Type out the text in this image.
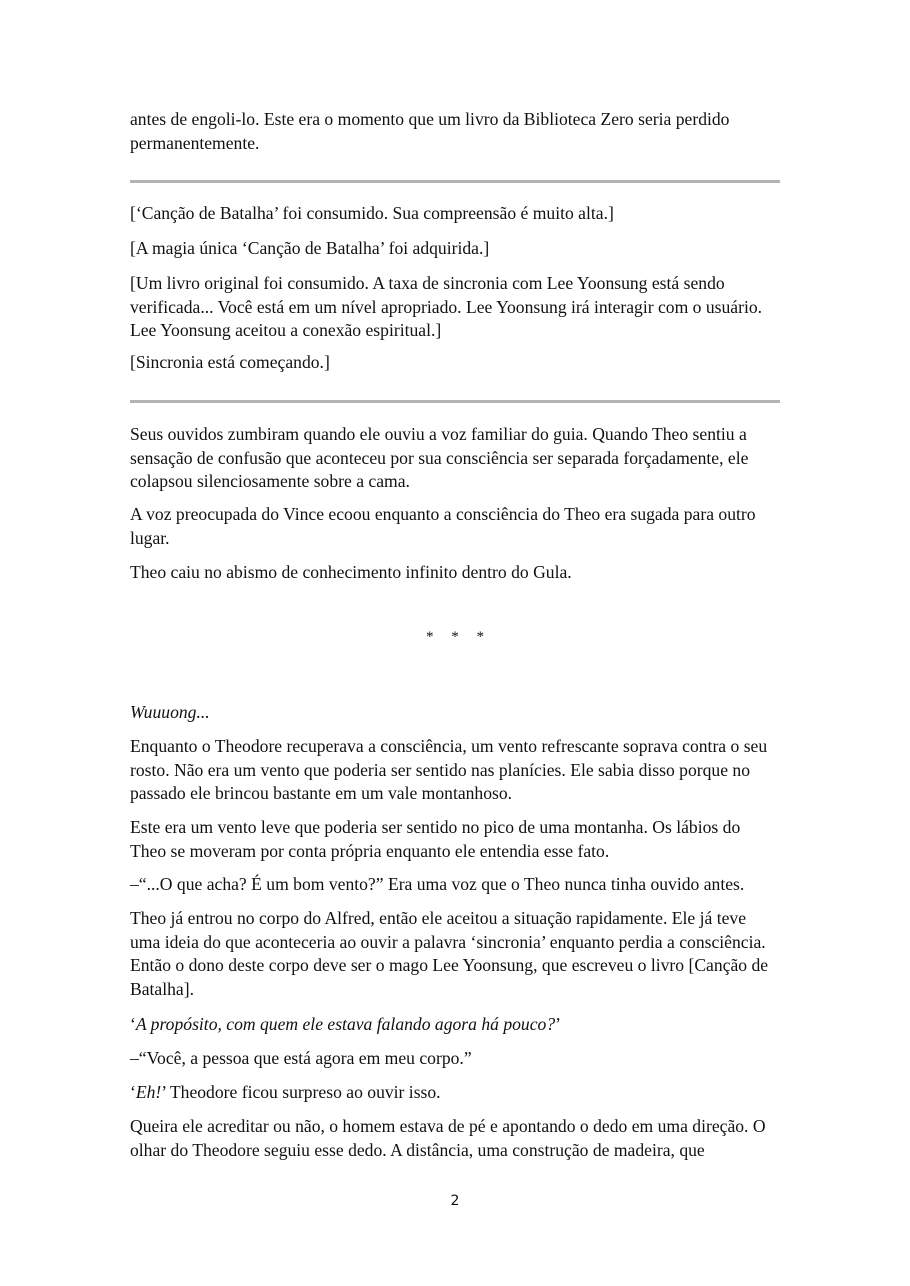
antes de engoli-lo. Este era o momento que um livro da Biblioteca Zero seria perdido permanentemente.

[‘Canção de Batalha’ foi consumido. Sua compreensão é muito alta.]

[A magia única ‘Canção de Batalha’ foi adquirida.]

[Um livro original foi consumido. A taxa de sincronia com Lee Yoonsung está sendo verificada... Você está em um nível apropriado. Lee Yoonsung irá interagir com o usuário. Lee Yoonsung aceitou a conexão espiritual.]

[Sincronia está começando.]

Seus ouvidos zumbiram quando ele ouviu a voz familiar do guia. Quando Theo sentiu a sensação de confusão que aconteceu por sua consciência ser separada forçadamente, ele colapsou silenciosamente sobre a cama.

A voz preocupada do Vince ecoou enquanto a consciência do Theo era sugada para outro lugar.

Theo caiu no abismo de conhecimento infinito dentro do Gula.

* * *

Wuuuong...

Enquanto o Theodore recuperava a consciência, um vento refrescante soprava contra o seu rosto. Não era um vento que poderia ser sentido nas planícies. Ele sabia disso porque no passado ele brincou bastante em um vale montanhoso.

Este era um vento leve que poderia ser sentido no pico de uma montanha. Os lábios do Theo se moveram por conta própria enquanto ele entendia esse fato.

–“...O que acha? É um bom vento?” Era uma voz que o Theo nunca tinha ouvido antes.

Theo já entrou no corpo do Alfred, então ele aceitou a situação rapidamente. Ele já teve uma ideia do que aconteceria ao ouvir a palavra ‘sincronia’ enquanto perdia a consciência. Então o dono deste corpo deve ser o mago Lee Yoonsung, que escreveu o livro [Canção de Batalha].

‘A propósito, com quem ele estava falando agora há pouco?’

–“Você, a pessoa que está agora em meu corpo.”

‘Eh!’ Theodore ficou surpreso ao ouvir isso.

Queira ele acreditar ou não, o homem estava de pé e apontando o dedo em uma direção. O olhar do Theodore seguiu esse dedo. A distância, uma construção de madeira, que

2
